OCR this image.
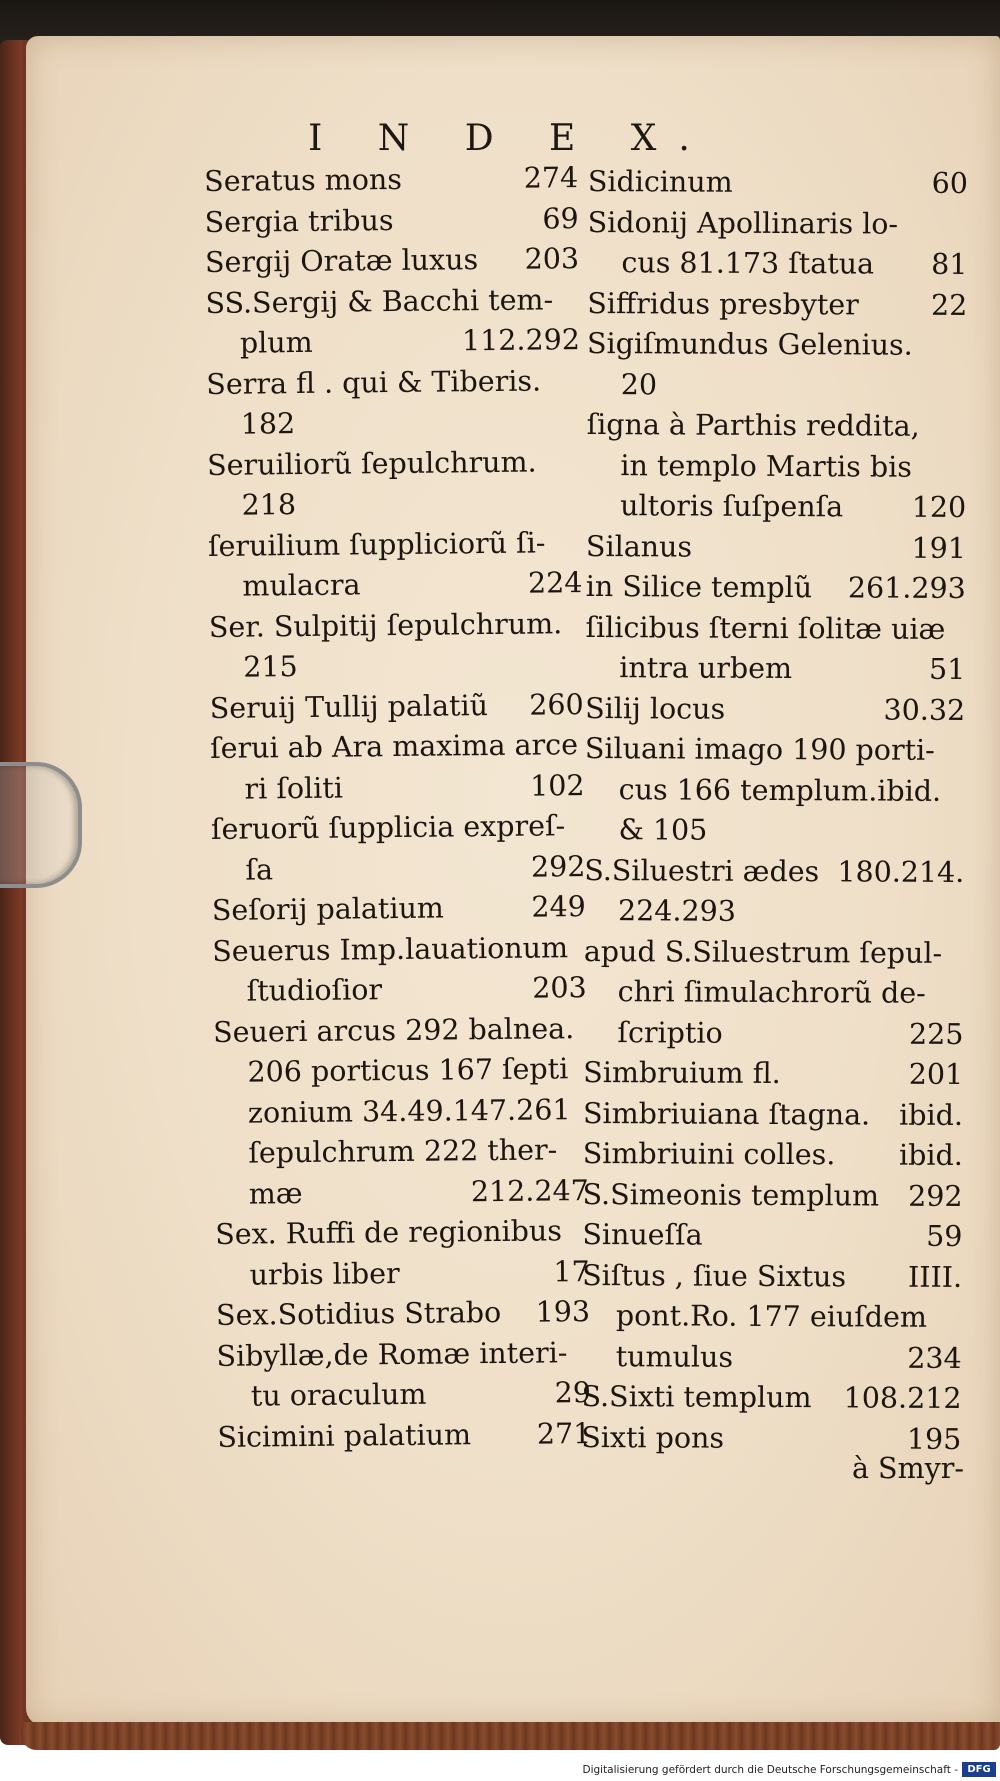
I N D E X.
Seratus mons	274
Sergia tribus	69
Sergij Oratæ luxus 203
SS.Sergij & Bacchi tem-
plum	112.292
Serra fl . qui & Tiberis.
182
Seruiliorũ ſepulchrum.
218
ſeruilium ſuppliciorũ ſi-
mulacra	224
Ser. Sulpitij ſepulchrum.
215
Seruij Tullij palatiũ 260
ſerui ab Ara maxima arce
ri ſoliti	102
ſeruorũ ſupplicia expreſ-
ſa	292
Seſorij palatium	249
Seuerus Imp.lauationum
ſtudioſior	203
Seueri arcus 292 balnea.
206 porticus 167 ſepti
zonium 34.49.147.261
ſepulchrum 222 ther-
mæ	212.247
Sex. Ruffi de regionibus
urbis liber	17
Sex.Sotidius Strabo 193
Sibyllæ,de Romæ interi-
tu oraculum	29
Sicimini palatium 271
Sidicinum	60
Sidonij Apollinaris lo-
cus 81.173 ſtatua 81
Siffridus presbyter	22
Sigiſmundus Gelenius.
20
ſigna à Parthis reddita,
in templo Martis bis
ultoris ſuſpenſa 120
Silanus	191
in Silice templũ 261.293
ſilicibus ſterni ſolitæ uiæ
intra urbem	51
Silij locus	30.32
Siluani imago 190 porti-
cus 166 templum.ibid.
& 105
S.Siluestri ædes 180.214.
224.293
apud S.Siluestrum ſepul-
chri ſimulachrorũ de-
ſcriptio	225
Simbruium fl.	201
Simbriuiana ſtagna. ibid.
Simbriuini colles. ibid.
S.Simeonis templum 292
Sinueſſa	59
Siſtus , ſiue Sixtus IIII.
pont.Ro. 177 eiuſdem
tumulus	234
S.Sixti templum 108.212
Sixti pons	195
à Smyr-
Digitalisierung gefördert durch die Deutsche Forschungsgemeinschaft - DFG
